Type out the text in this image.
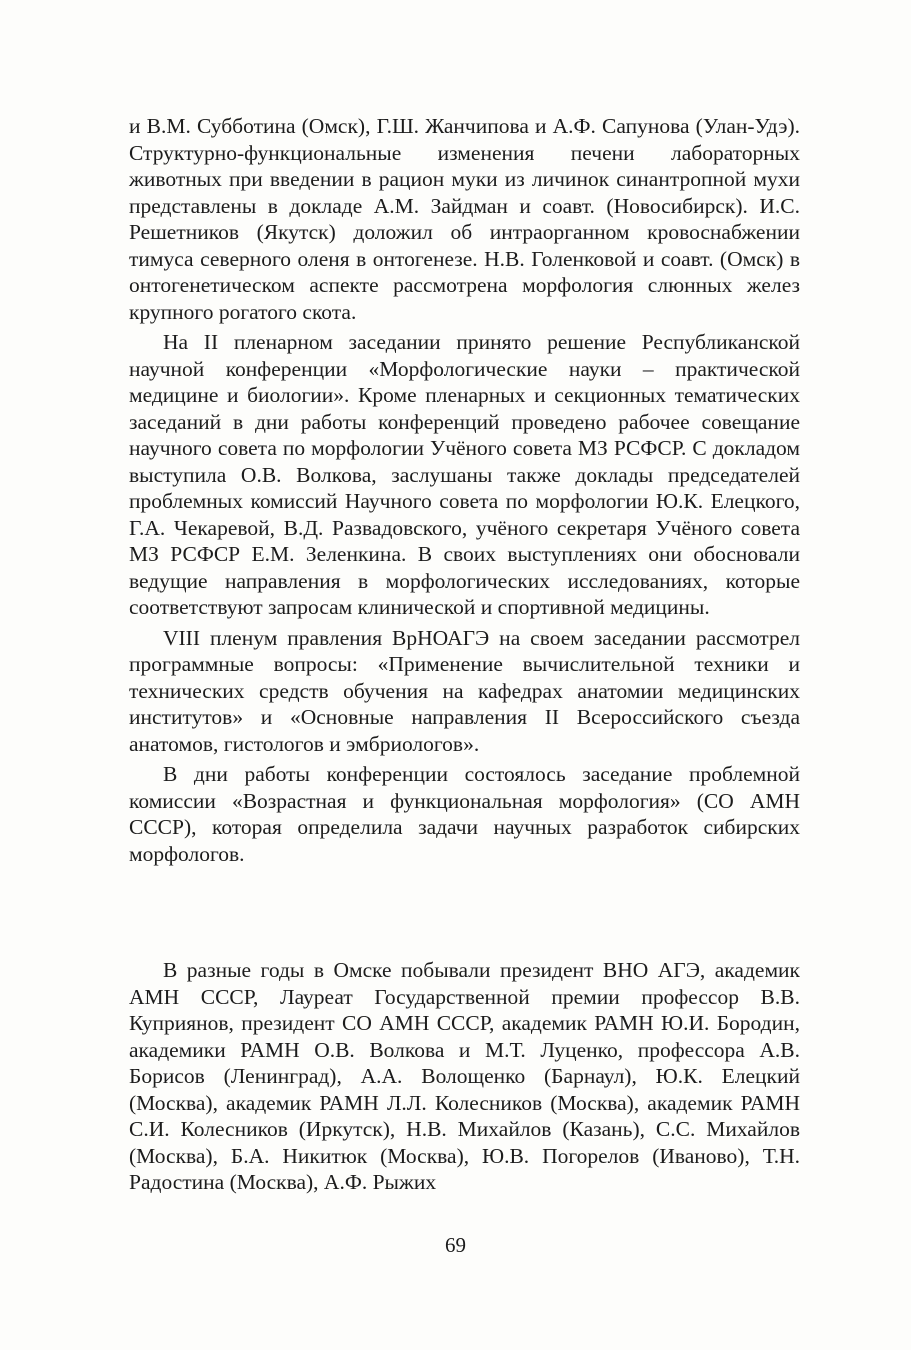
и В.М. Субботина (Омск), Г.Ш. Жанчипова и А.Ф. Сапунова (Улан-Удэ). Структурно-функциональные изменения печени лабораторных животных при введении в рацион муки из личинок синантропной мухи представлены в докладе А.М. Зайдман и соавт. (Новосибирск). И.С. Решетников (Якутск) доложил об интраорганном кровоснабжении тимуса северного оленя в онтогенезе. Н.В. Голенковой и соавт. (Омск) в онтогенетическом аспекте рассмотрена морфология слюнных желез крупного рогатого скота.

На II пленарном заседании принято решение Республиканской научной конференции «Морфологические науки – практической медицине и биологии». Кроме пленарных и секционных тематических заседаний в дни работы конференций проведено рабочее совещание научного совета по морфологии Учёного совета МЗ РСФСР. С докладом выступила О.В. Волкова, заслушаны также доклады председателей проблемных комиссий Научного совета по морфологии Ю.К. Елецкого, Г.А. Чекаревой, В.Д. Развадовского, учёного секретаря Учёного совета МЗ РСФСР Е.М. Зеленкина. В своих выступлениях они обосновали ведущие направления в морфологических исследованиях, которые соответствуют запросам клинической и спортивной медицины.

VIII пленум правления ВрНОАГЭ на своем заседании рассмотрел программные вопросы: «Применение вычислительной техники и технических средств обучения на кафедрах анатомии медицинских институтов» и «Основные направления II Всероссийского съезда анатомов, гистологов и эмбриологов».

В дни работы конференции состоялось заседание проблемной комиссии «Возрастная и функциональная морфология» (СО АМН СССР), которая определила задачи научных разработок сибирских морфологов.

В разные годы в Омске побывали президент ВНО АГЭ, академик АМН СССР, Лауреат Государственной премии профессор В.В. Куприянов, президент СО АМН СССР, академик РАМН Ю.И. Бородин, академики РАМН О.В. Волкова и М.Т. Луценко, профессора А.В. Борисов (Ленинград), А.А. Волощенко (Барнаул), Ю.К. Елецкий (Москва), академик РАМН Л.Л. Колесников (Москва), академик РАМН С.И. Колесников (Иркутск), Н.В. Михайлов (Казань), С.С. Михайлов (Москва), Б.А. Никитюк (Москва), Ю.В. Погорелов (Иваново), Т.Н. Радостина (Москва), А.Ф. Рыжих

69
